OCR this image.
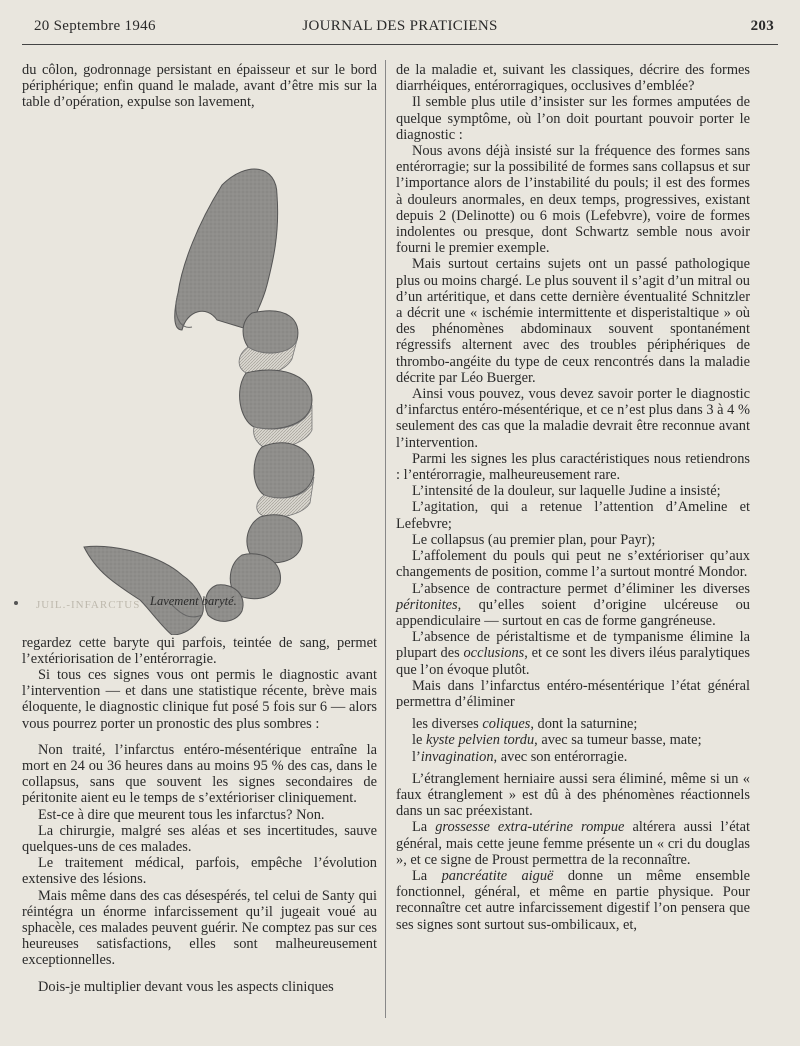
20 Septembre 1946	JOURNAL DES PRATICIENS	203

du côlon, godronnage persistant en épaisseur et sur le bord périphérique; enfin quand le malade, avant d’être mis sur la table d’opération, expulse son lavement,

JUIL.-INFARCTUS Lavement baryté.

regardez cette baryte qui parfois, teintée de sang, permet l’extériorisation de l’entérorragie.

Si tous ces signes vous ont permis le diagnostic avant l’intervention — et dans une statistique récente, brève mais éloquente, le diagnostic clinique fut posé 5 fois sur 6 — alors vous pourrez porter un pronostic des plus sombres :

Non traité, l’infarctus entéro-mésentérique entraîne la mort en 24 ou 36 heures dans au moins 95 % des cas, dans le collapsus, sans que souvent les signes secondaires de péritonite aient eu le temps de s’extérioriser cliniquement.

Est-ce à dire que meurent tous les infarctus? Non.

La chirurgie, malgré ses aléas et ses incertitudes, sauve quelques-uns de ces malades.

Le traitement médical, parfois, empêche l’évolution extensive des lésions.

Mais même dans des cas désespérés, tel celui de Santy qui réintégra un énorme infarcissement qu’il jugeait voué au sphacèle, ces malades peuvent guérir. Ne comptez pas sur ces heureuses satisfactions, elles sont malheureusement exceptionnelles.

Dois-je multiplier devant vous les aspects cliniques

de la maladie et, suivant les classiques, décrire des formes diarrhéiques, entérorragiques, occlusives d’emblée?

Il semble plus utile d’insister sur les formes amputées de quelque symptôme, où l’on doit pourtant pouvoir porter le diagnostic :

Nous avons déjà insisté sur la fréquence des formes sans entérorragie; sur la possibilité de formes sans collapsus et sur l’importance alors de l’instabilité du pouls; il est des formes à douleurs anormales, en deux temps, progressives, existant depuis 2 (Delinotte) ou 6 mois (Lefebvre), voire de formes indolentes ou presque, dont Schwartz semble nous avoir fourni le premier exemple.

Mais surtout certains sujets ont un passé pathologique plus ou moins chargé. Le plus souvent il s’agit d’un mitral ou d’un artéritique, et dans cette dernière éventualité Schnitzler a décrit une « ischémie intermittente et disperistaltique » où des phénomènes abdominaux souvent spontanément régressifs alternent avec des troubles périphériques de thrombo-angéite du type de ceux rencontrés dans la maladie décrite par Léo Buerger.

Ainsi vous pouvez, vous devez savoir porter le diagnostic d’infarctus entéro-mésentérique, et ce n’est plus dans 3 à 4 % seulement des cas que la maladie devrait être reconnue avant l’intervention.

Parmi les signes les plus caractéristiques nous retiendrons : l’entérorragie, malheureusement rare.

L’intensité de la douleur, sur laquelle Judine a insisté;

L’agitation, qui a retenue l’attention d’Ameline et Lefebvre;

Le collapsus (au premier plan, pour Payr);

L’affolement du pouls qui peut ne s’extérioriser qu’aux changements de position, comme l’a surtout montré Mondor.

L’absence de contracture permet d’éliminer les diverses péritonites, qu’elles soient d’origine ulcéreuse ou appendiculaire — surtout en cas de forme gangréneuse.

L’absence de péristaltisme et de tympanisme élimine la plupart des occlusions, et ce sont les divers iléus paralytiques que l’on évoque plutôt.

Mais dans l’infarctus entéro-mésentérique l’état général permettra d’éliminer

les diverses coliques, dont la saturnine;

le kyste pelvien tordu, avec sa tumeur basse, mate;

l’invagination, avec son entérorragie.

L’étranglement herniaire aussi sera éliminé, même si un « faux étranglement » est dû à des phénomènes réactionnels dans un sac préexistant.

La grossesse extra-utérine rompue altérera aussi l’état général, mais cette jeune femme présente un « cri du douglas », et ce signe de Proust permettra de la reconnaître.

La pancréatite aiguë donne un même ensemble fonctionnel, général, et même en partie physique. Pour reconnaître cet autre infarcissement digestif l’on pensera que ses signes sont surtout sus-ombilicaux, et,
